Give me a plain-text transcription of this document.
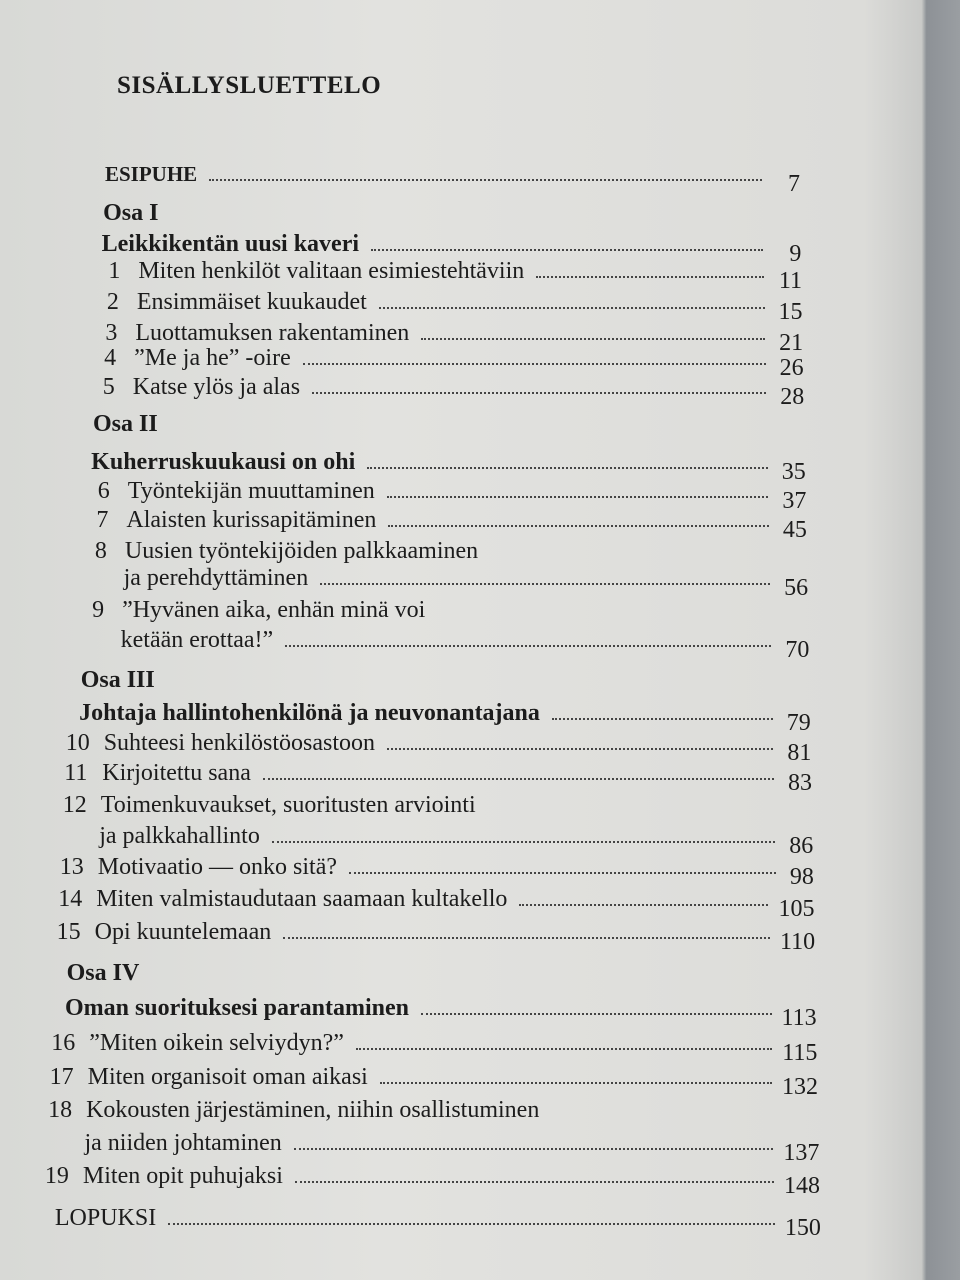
SISÄLLYSLUETTELO
ESIPUHE	7
Osa I
Leikkikentän uusi kaveri	9
1 Miten henkilöt valitaan esimiestehtäviin	11
2 Ensimmäiset kuukaudet	15
3 Luottamuksen rakentaminen	21
4 ”Me ja he” -oire	26
5 Katse ylös ja alas	28
Osa II
Kuherruskuukausi on ohi	35
6 Työntekijän muuttaminen	37
7 Alaisten kurissapitäminen	45
8 Uusien työntekijöiden palkkaaminen
ja perehdyttäminen	56
9 ”Hyvänen aika, enhän minä voi
ketään erottaa!”	70
Osa III
Johtaja hallintohenkilönä ja neuvonantajana	79
10 Suhteesi henkilöstöosastoon	81
11 Kirjoitettu sana	83
12 Toimenkuvaukset, suoritusten arviointi
ja palkkahallinto	86
13 Motivaatio — onko sitä?	98
14 Miten valmistaudutaan saamaan kultakello	105
15 Opi kuuntelemaan	110
Osa IV
Oman suorituksesi parantaminen	113
16 ”Miten oikein selviydyn?”	115
17 Miten organisoit oman aikasi	132
18 Kokousten järjestäminen, niihin osallistuminen
ja niiden johtaminen	137
19 Miten opit puhujaksi	148
LOPUKSI	150
